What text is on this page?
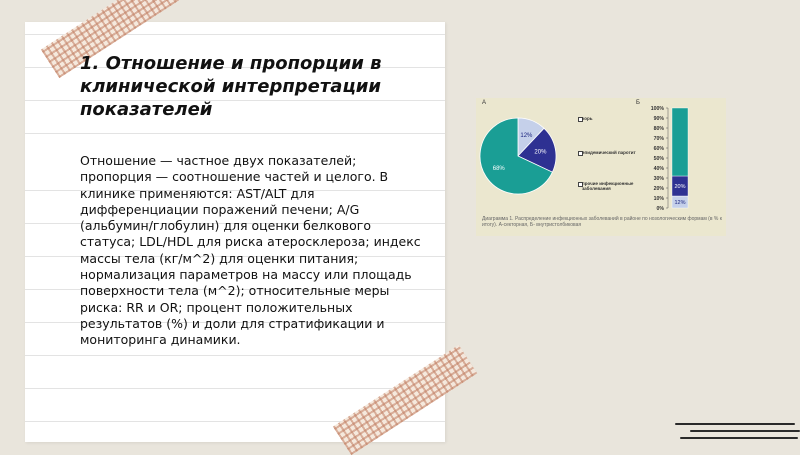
1. Отношение и пропорции в клинической интерпретации показателей

Отношение — частное двух показателей; пропорция — соотношение частей и целого. В клинике применяются: AST/ALT для дифференциации поражений печени; A/G (альбумин/глобулин) для оценки белкового статуса; LDL/HDL для риска атеросклероза; индекс массы тела (кг/м^2) для оценки питания; нормализация параметров на массу или площадь поверхности тела (м^2); относительные меры риска: RR и OR; процент положительных результатов (%) и доли для стратификации и мониторинга динамики.

А	Б
12%
20%
68%
корь
эпидемический паротит
прочие инфекционные заболевания
0%
10%
20%
30%
40%
50%
60%
70%
80%
90%
100%
12%
20%
Диаграмма 1. Распределение инфекционных заболеваний в районе по нозологическим формам (в % к итогу). А-секторная, Б- внутристолбиковая
